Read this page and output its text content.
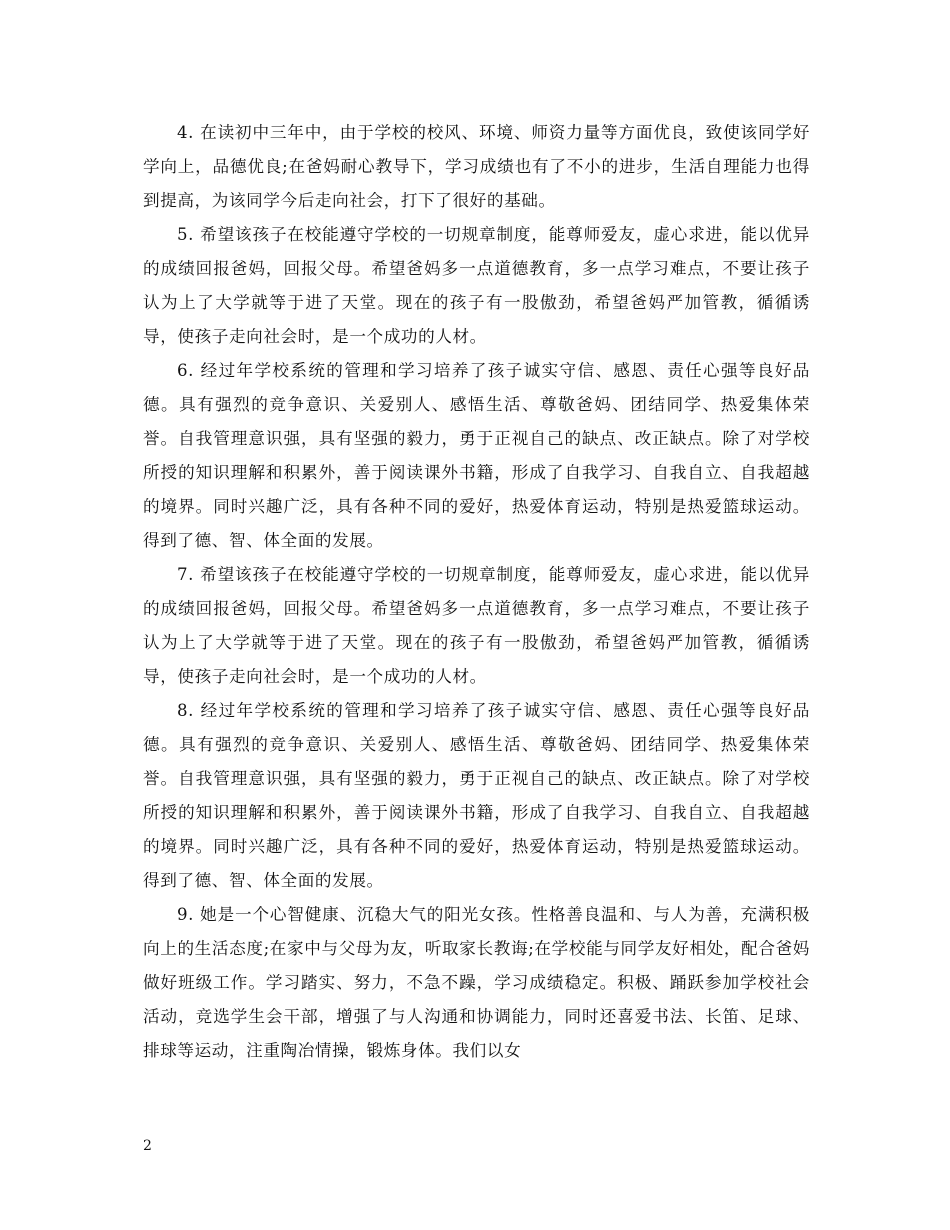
4. 在读初中三年中，由于学校的校风、环境、师资力量等方面优良，致使该同学好学向上，品德优良;在爸妈耐心教导下，学习成绩也有了不小的进步，生活自理能力也得到提高，为该同学今后走向社会，打下了很好的基础。

5. 希望该孩子在校能遵守学校的一切规章制度，能尊师爱友，虚心求进，能以优异的成绩回报爸妈，回报父母。希望爸妈多一点道德教育，多一点学习难点，不要让孩子认为上了大学就等于进了天堂。现在的孩子有一股傲劲，希望爸妈严加管教，循循诱导，使孩子走向社会时，是一个成功的人材。

6. 经过年学校系统的管理和学习培养了孩子诚实守信、感恩、责任心强等良好品德。具有强烈的竞争意识、关爱别人、感悟生活、尊敬爸妈、团结同学、热爱集体荣誉。自我管理意识强，具有坚强的毅力，勇于正视自己的缺点、改正缺点。除了对学校所授的知识理解和积累外，善于阅读课外书籍，形成了自我学习、自我自立、自我超越的境界。同时兴趣广泛，具有各种不同的爱好，热爱体育运动，特别是热爱篮球运动。得到了德、智、体全面的发展。

7. 希望该孩子在校能遵守学校的一切规章制度，能尊师爱友，虚心求进，能以优异的成绩回报爸妈，回报父母。希望爸妈多一点道德教育，多一点学习难点，不要让孩子认为上了大学就等于进了天堂。现在的孩子有一股傲劲，希望爸妈严加管教，循循诱导，使孩子走向社会时，是一个成功的人材。

8. 经过年学校系统的管理和学习培养了孩子诚实守信、感恩、责任心强等良好品德。具有强烈的竞争意识、关爱别人、感悟生活、尊敬爸妈、团结同学、热爱集体荣誉。自我管理意识强，具有坚强的毅力，勇于正视自己的缺点、改正缺点。除了对学校所授的知识理解和积累外，善于阅读课外书籍，形成了自我学习、自我自立、自我超越的境界。同时兴趣广泛，具有各种不同的爱好，热爱体育运动，特别是热爱篮球运动。得到了德、智、体全面的发展。

9. 她是一个心智健康、沉稳大气的阳光女孩。性格善良温和、与人为善，充满积极向上的生活态度;在家中与父母为友，听取家长教诲;在学校能与同学友好相处，配合爸妈做好班级工作。学习踏实、努力，不急不躁，学习成绩稳定。积极、踊跃参加学校社会活动，竞选学生会干部，增强了与人沟通和协调能力，同时还喜爱书法、长笛、足球、排球等运动，注重陶冶情操，锻炼身体。我们以女

2
